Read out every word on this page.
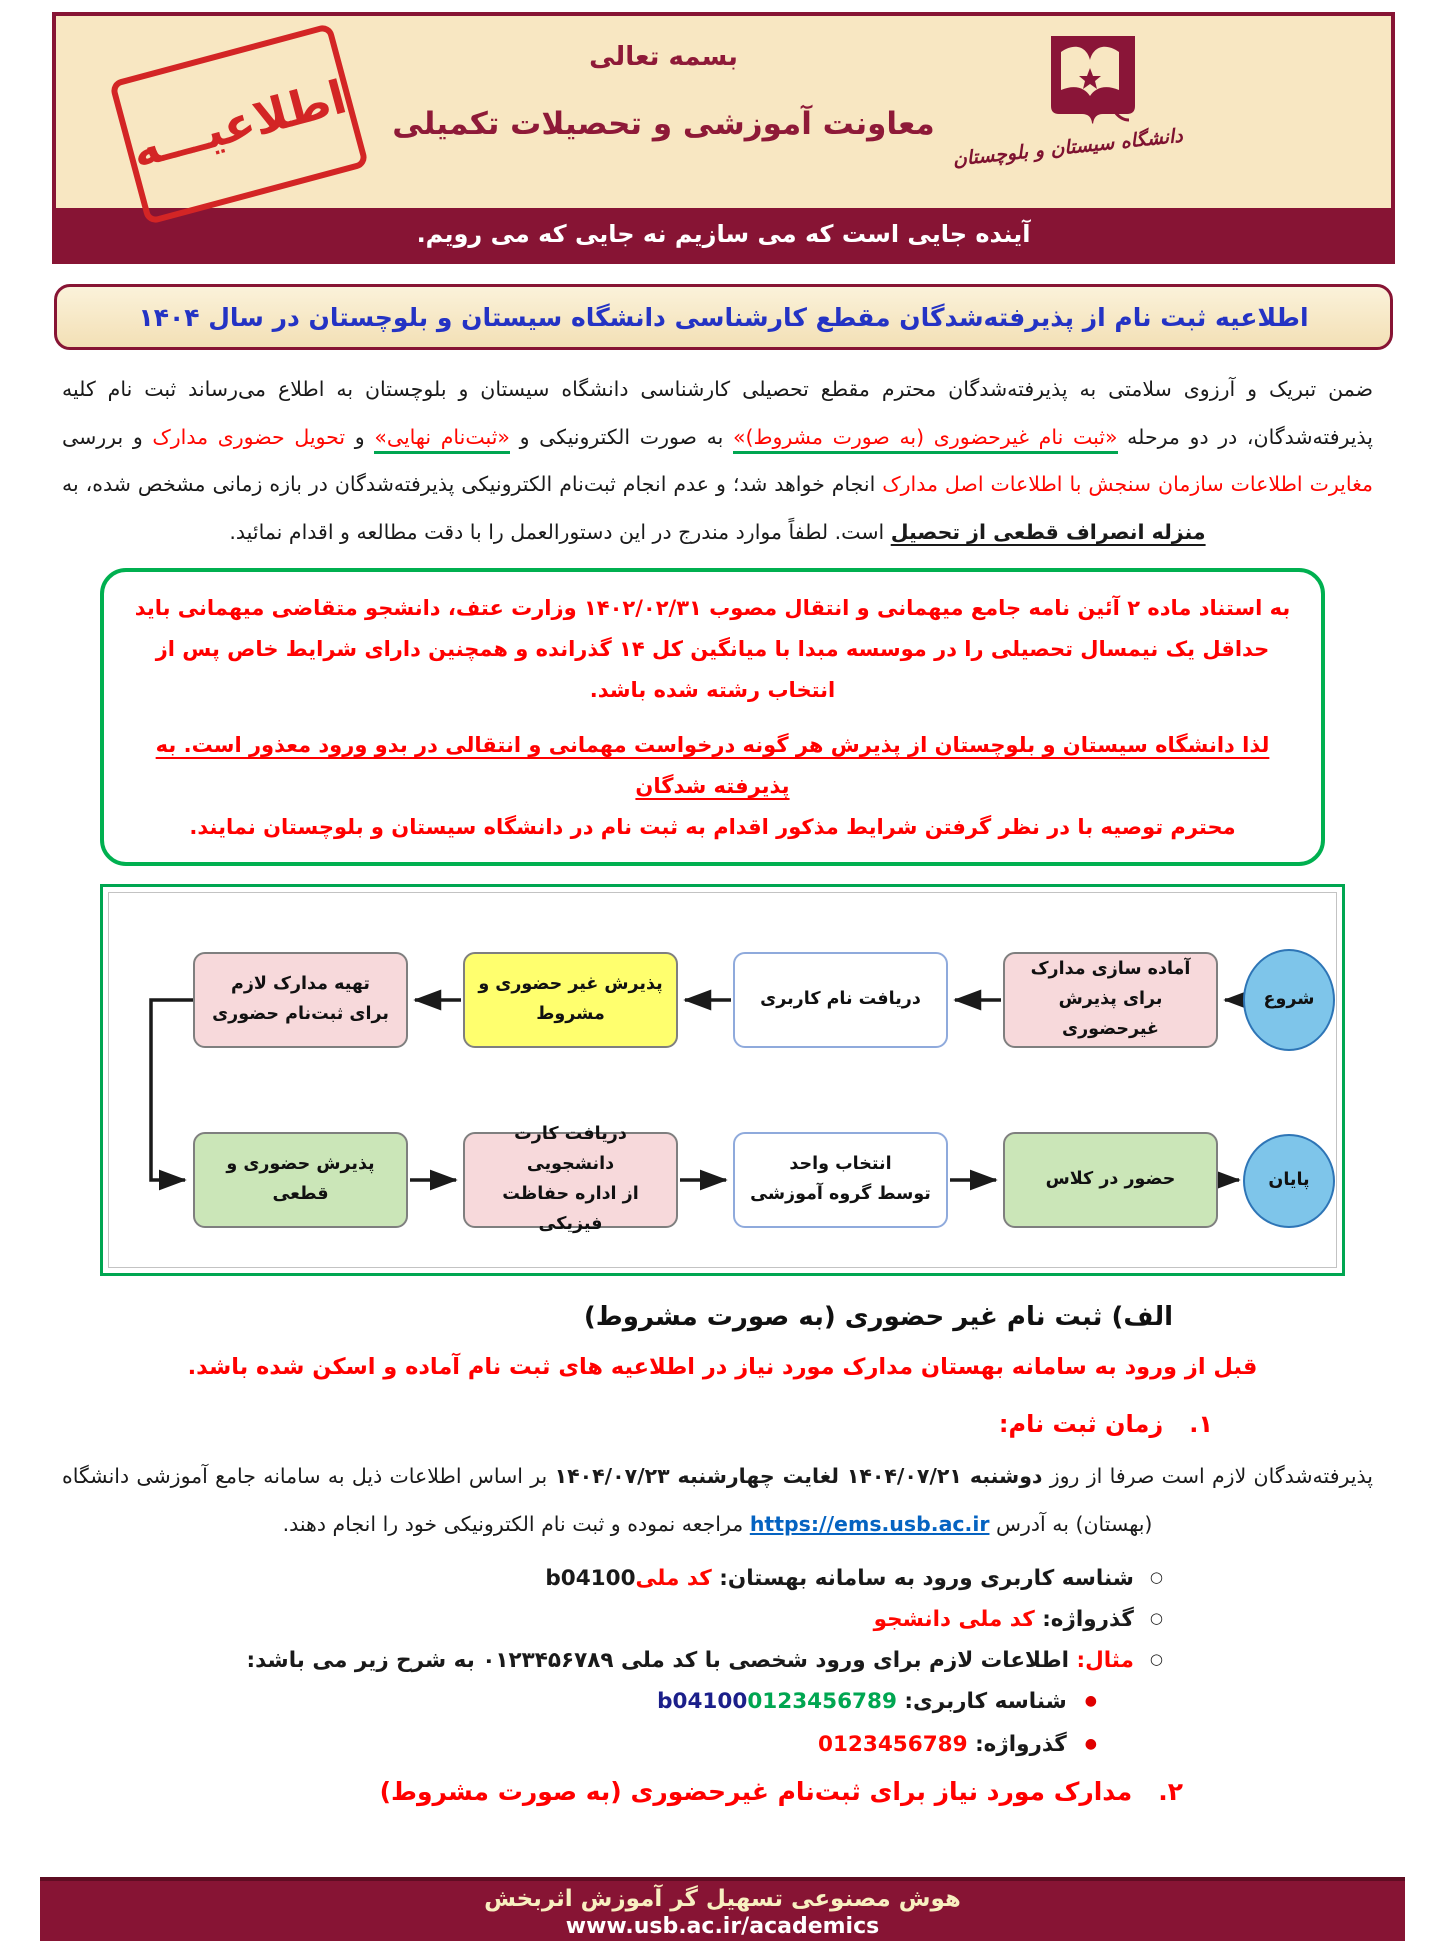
اطلاعیـــه
بسمه تعالی
معاونت آموزشی و تحصیلات تکمیلی
دانشگاه سیستان و بلوچستان
آینده جایی است که می سازیم نه جایی که می رویم.
اطلاعیه ثبت نام از پذیرفته‌شدگان مقطع کارشناسی دانشگاه سیستان و بلوچستان در سال ۱۴۰۴

ضمن تبریک و آرزوی سلامتی به پذیرفته‌شدگان محترم مقطع تحصیلی کارشناسی دانشگاه سیستان و بلوچستان به اطلاع می‌رساند ثبت نام کلیه پذیرفته‌شدگان، در دو مرحله «ثبت نام غیرحضوری (به صورت مشروط)» به صورت الکترونیکی و «ثبت‌نام نهایی» و تحویل حضوری مدارک و بررسی مغایرت اطلاعات سازمان سنجش با اطلاعات اصل مدارک انجام خواهد شد؛ و عدم انجام ثبت‌نام الکترونیکی پذیرفته‌شدگان در بازه زمانی مشخص شده، به منزله انصراف قطعی از تحصیل است. لطفاً موارد مندرج در این دستورالعمل را با دقت مطالعه و اقدام نمائید.

به استناد ماده ۲ آئین نامه جامع میهمانی و انتقال مصوب ۱۴۰۲/۰۲/۳۱ وزارت عتف، دانشجو متقاضی میهمانی باید حداقل یک نیمسال تحصیلی را در موسسه مبدا با میانگین کل ۱۴ گذرانده و همچنین دارای شرایط خاص پس از انتخاب رشته شده باشد.
لذا دانشگاه سیستان و بلوچستان از پذیرش هر گونه درخواست مهمانی و انتقالی در بدو ورود معذور است. به پذیرفته شدگان
محترم توصیه با در نظر گرفتن شرایط مذکور اقدام به ثبت نام در دانشگاه سیستان و بلوچستان نمایند.
شروع
آماده سازی مدارک
برای پذیرش غیرحضوری
دریافت نام کاربری
پذیرش غیر حضوری و مشروط
تهیه مدارک لازم
برای ثبت‌نام حضوری
پذیرش حضوری و قطعی
دریافت کارت دانشجویی
از اداره حفاظت فیزیکی
انتخاب واحد
توسط گروه آموزشی
حضور در کلاس	پایان
الف) ثبت نام غیر حضوری (به صورت مشروط)
قبل از ورود به سامانه بهستان مدارک مورد نیاز در اطلاعیه های ثبت نام آماده و اسکن شده باشد.
۱.زمان ثبت نام:

پذیرفته‌شدگان لازم است صرفا از روز دوشنبه ۱۴۰۴/۰۷/۲۱ لغایت چهارشنبه ۱۴۰۴/۰۷/۲۳ بر اساس اطلاعات ذیل به سامانه جامع آموزشی دانشگاه (بهستان) به آدرس https://ems.usb.ac.ir مراجعه نموده و ثبت نام الکترونیکی خود را انجام دهند.

○شناسه کاربری ورود به سامانه بهستان: کد ملیb04100
○گذرواژه: کد ملی دانشجو
○مثال: اطلاعات لازم برای ورود شخصی با کد ملی ۰۱۲۳۴۵۶۷۸۹ به شرح زیر می باشد:
●شناسه کاربری: b041000123456789
●گذرواژه: 0123456789
۲.مدارک مورد نیاز برای ثبت‌نام غیرحضوری (به صورت مشروط)
هوش مصنوعی تسهیل گر آموزش اثربخش
www.usb.ac.ir/academics
